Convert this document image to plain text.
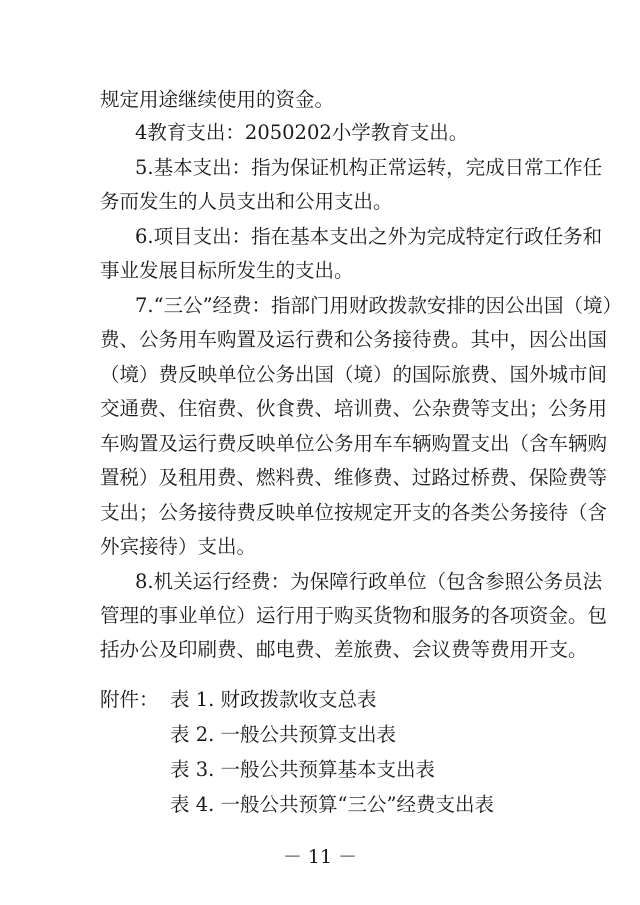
规定用途继续使用的资金。
4教育支出：2050202小学教育支出。
5.基本支出：指为保证机构正常运转，完成日常工作任
务而发生的人员支出和公用支出。
6.项目支出：指在基本支出之外为完成特定行政任务和
事业发展目标所发生的支出。
7.“三公”经费：指部门用财政拨款安排的因公出国（境）
费、公务用车购置及运行费和公务接待费。其中，因公出国
（境）费反映单位公务出国（境）的国际旅费、国外城市间
交通费、住宿费、伙食费、培训费、公杂费等支出；公务用
车购置及运行费反映单位公务用车车辆购置支出（含车辆购
置税）及租用费、燃料费、维修费、过路过桥费、保险费等
支出；公务接待费反映单位按规定开支的各类公务接待（含
外宾接待）支出。
8.机关运行经费：为保障行政单位（包含参照公务员法
管理的事业单位）运行用于购买货物和服务的各项资金。包
括办公及印刷费、邮电费、差旅费、会议费等费用开支。
附件： 表 1. 财政拨款收支总表
表 2. 一般公共预算支出表
表 3. 一般公共预算基本支出表
表 4. 一般公共预算“三公”经费支出表
－ 11 －
